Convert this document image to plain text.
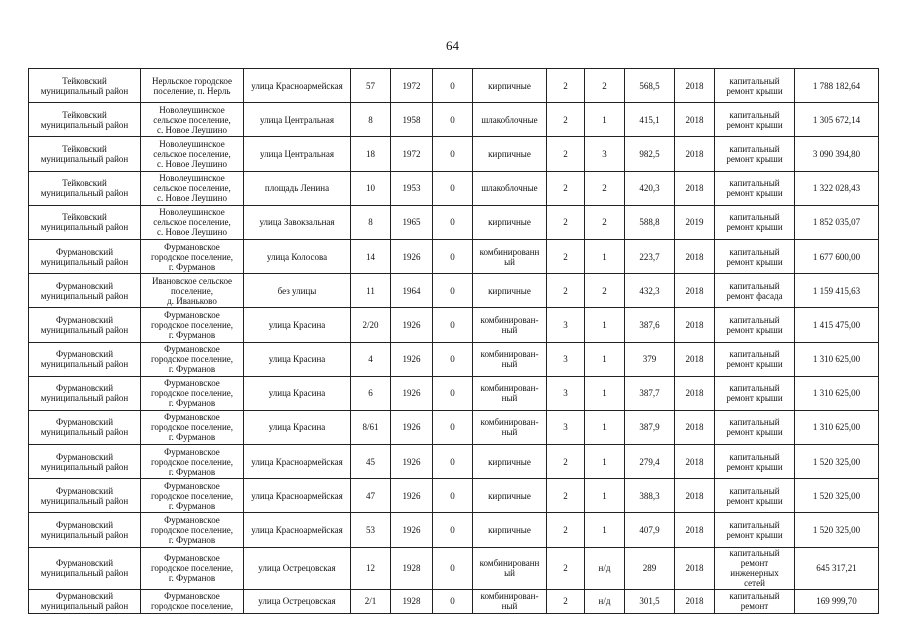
64
Тейковский
муниципальный район	Нерльское городское
поселение, п. Нерль	улица Красноармейская	57	1972	0	кирпичные	2	2	568,5	2018	капитальный
ремонт крыши	1 788 182,64
Тейковский
муниципальный район	Новолеушинское
сельское поселение,
с. Новое Леушино	улица Центральная	8	1958	0	шлакоблочные	2	1	415,1	2018	капитальный
ремонт крыши	1 305 672,14
Тейковский
муниципальный район	Новолеушинское
сельское поселение,
с. Новое Леушино	улица Центральная	18	1972	0	кирпичные	2	3	982,5	2018	капитальный
ремонт крыши	3 090 394,80
Тейковский
муниципальный район	Новолеушинское
сельское поселение,
с. Новое Леушино	площадь Ленина	10	1953	0	шлакоблочные	2	2	420,3	2018	капитальный
ремонт крыши	1 322 028,43
Тейковский
муниципальный район	Новолеушинское
сельское поселение,
с. Новое Леушино	улица Завокзальная	8	1965	0	кирпичные	2	2	588,8	2019	капитальный
ремонт крыши	1 852 035,07
Фурмановский
муниципальный район	Фурмановское
городское поселение,
г. Фурманов	улица Колосова	14	1926	0	комбинированн
ый	2	1	223,7	2018	капитальный
ремонт крыши	1 677 600,00
Фурмановский
муниципальный район	Ивановское сельское
поселение,
д. Иваньково	без улицы	11	1964	0	кирпичные	2	2	432,3	2018	капитальный
ремонт фасада	1 159 415,63
Фурмановский
муниципальный район	Фурмановское
городское поселение,
г. Фурманов	улица Красина	2/20	1926	0	комбинирован-
ный	3	1	387,6	2018	капитальный
ремонт крыши	1 415 475,00
Фурмановский
муниципальный район	Фурмановское
городское поселение,
г. Фурманов	улица Красина	4	1926	0	комбинирован-
ный	3	1	379	2018	капитальный
ремонт крыши	1 310 625,00
Фурмановский
муниципальный район	Фурмановское
городское поселение,
г. Фурманов	улица Красина	6	1926	0	комбинирован-
ный	3	1	387,7	2018	капитальный
ремонт крыши	1 310 625,00
Фурмановский
муниципальный район	Фурмановское
городское поселение,
г. Фурманов	улица Красина	8/61	1926	0	комбинирован-
ный	3	1	387,9	2018	капитальный
ремонт крыши	1 310 625,00
Фурмановский
муниципальный район	Фурмановское
городское поселение,
г. Фурманов	улица Красноармейская	45	1926	0	кирпичные	2	1	279,4	2018	капитальный
ремонт крыши	1 520 325,00
Фурмановский
муниципальный район	Фурмановское
городское поселение,
г. Фурманов	улица Красноармейская	47	1926	0	кирпичные	2	1	388,3	2018	капитальный
ремонт крыши	1 520 325,00
Фурмановский
муниципальный район	Фурмановское
городское поселение,
г. Фурманов	улица Красноармейская	53	1926	0	кирпичные	2	1	407,9	2018	капитальный
ремонт крыши	1 520 325,00
Фурмановский
муниципальный район	Фурмановское
городское поселение,
г. Фурманов	улица Острецовская	12	1928	0	комбинированн
ый	2	н/д	289	2018	капитальный
ремонт
инженерных
сетей	645 317,21
Фурмановский
муниципальный район	Фурмановское
городское поселение,	улица Острецовская	2/1	1928	0	комбинирован-
ный	2	н/д	301,5	2018	капитальный
ремонт	169 999,70
